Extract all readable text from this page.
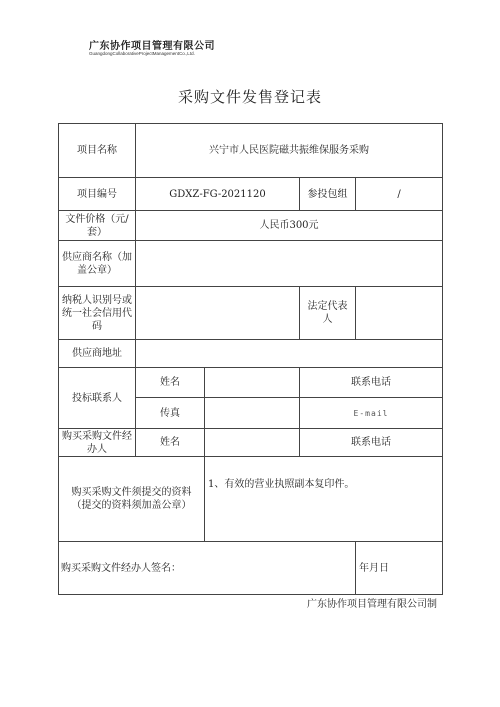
广东协作项目管理有限公司
GuangdongCollaborativeProjectManagementCo.,Ltd.
采购文件发售登记表
项目名称	兴宁市人民医院磁共振维保服务采购			
项目编号	GDXZ-FG-2021120		参投包组	/
文件价格（元/套）	人民币300元			
供应商名称（加盖公章）				
纳税人识别号或统一社会信用代码			法定代表人	
供应商地址				
投标联系人	姓名		联系电话	
	传真		E-mail	
购买采购文件经办人	姓名		联系电话	
购买采购文件须提交的资料（提交的资料须加盖公章）		1、有效的营业执照副本复印件。		
购买采购文件经办人签名：				年月日
广东协作项目管理有限公司制
